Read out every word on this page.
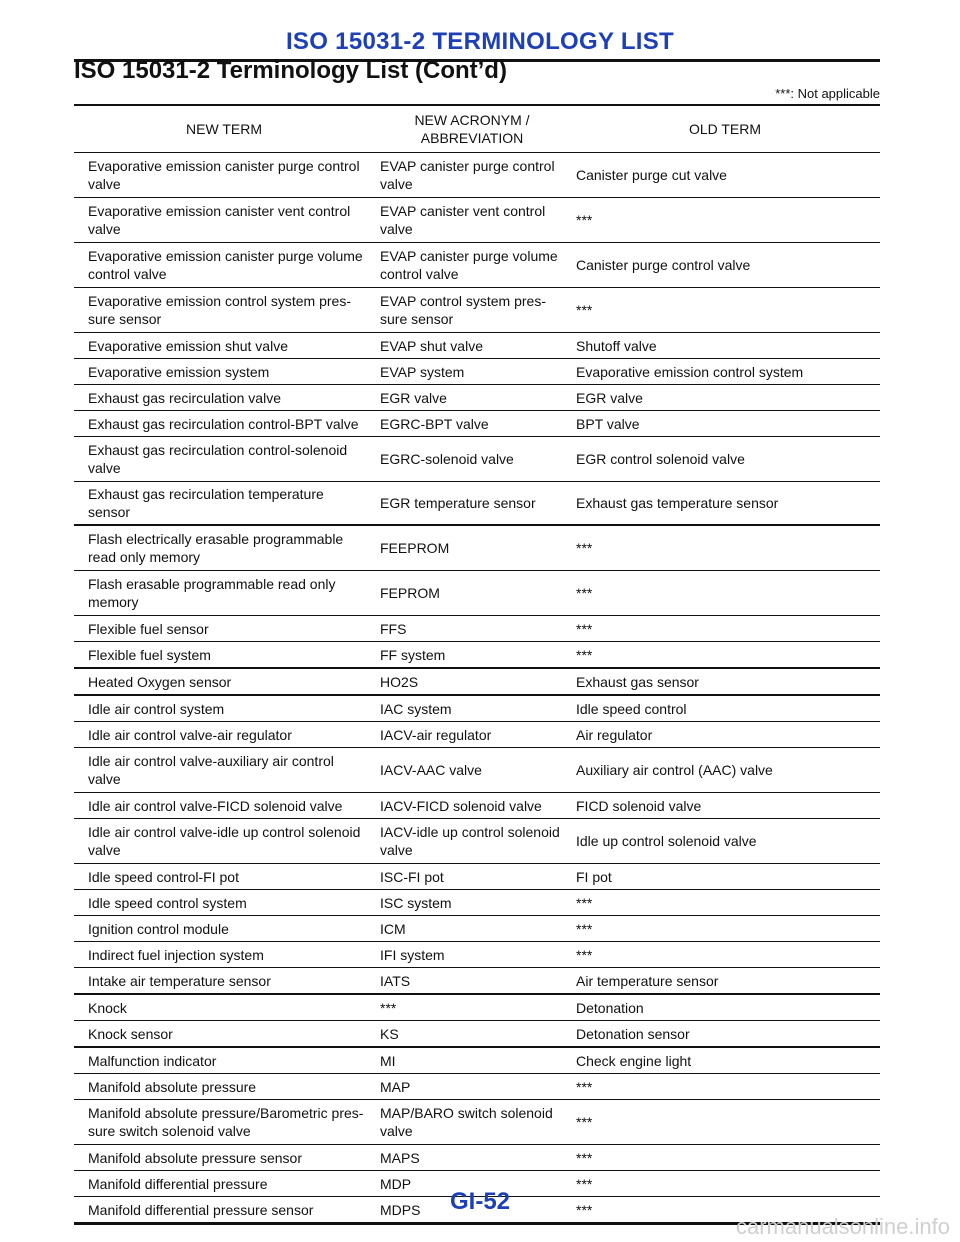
ISO 15031-2 TERMINOLOGY LIST
ISO 15031-2 Terminology List (Cont’d)
***: Not applicable
NEW TERM	NEW ACRONYM / ABBREVIATION	OLD TERM
Evaporative emission canister purge control valve	EVAP canister purge control valve	Canister purge cut valve
Evaporative emission canister vent control valve	EVAP canister vent control valve	***
Evaporative emission canister purge volume control valve	EVAP canister purge volume control valve	Canister purge control valve
Evaporative emission control system pres- sure sensor	EVAP control system pres- sure sensor	***
Evaporative emission shut valve	EVAP shut valve	Shutoff valve
Evaporative emission system	EVAP system	Evaporative emission control system
Exhaust gas recirculation valve	EGR valve	EGR valve
Exhaust gas recirculation control-BPT valve	EGRC-BPT valve	BPT valve
Exhaust gas recirculation control-solenoid valve	EGRC-solenoid valve	EGR control solenoid valve
Exhaust gas recirculation temperature sensor	EGR temperature sensor	Exhaust gas temperature sensor
Flash electrically erasable programmable read only memory	FEEPROM	***
Flash erasable programmable read only memory	FEPROM	***
Flexible fuel sensor	FFS	***
Flexible fuel system	FF system	***
Heated Oxygen sensor	HO2S	Exhaust gas sensor
Idle air control system	IAC system	Idle speed control
Idle air control valve-air regulator	IACV-air regulator	Air regulator
Idle air control valve-auxiliary air control valve	IACV-AAC valve	Auxiliary air control (AAC) valve
Idle air control valve-FICD solenoid valve	IACV-FICD solenoid valve	FICD solenoid valve
Idle air control valve-idle up control solenoid valve	IACV-idle up control solenoid valve	Idle up control solenoid valve
Idle speed control-FI pot	ISC-FI pot	FI pot
Idle speed control system	ISC system	***
Ignition control module	ICM	***
Indirect fuel injection system	IFI system	***
Intake air temperature sensor	IATS	Air temperature sensor
Knock	***	Detonation
Knock sensor	KS	Detonation sensor
Malfunction indicator	MI	Check engine light
Manifold absolute pressure	MAP	***
Manifold absolute pressure/Barometric pres- sure switch solenoid valve	MAP/BARO switch solenoid valve	***
Manifold absolute pressure sensor	MAPS	***
Manifold differential pressure	MDP	***
Manifold differential pressure sensor	MDPS	***
GI-52
carmanualsonline.info
